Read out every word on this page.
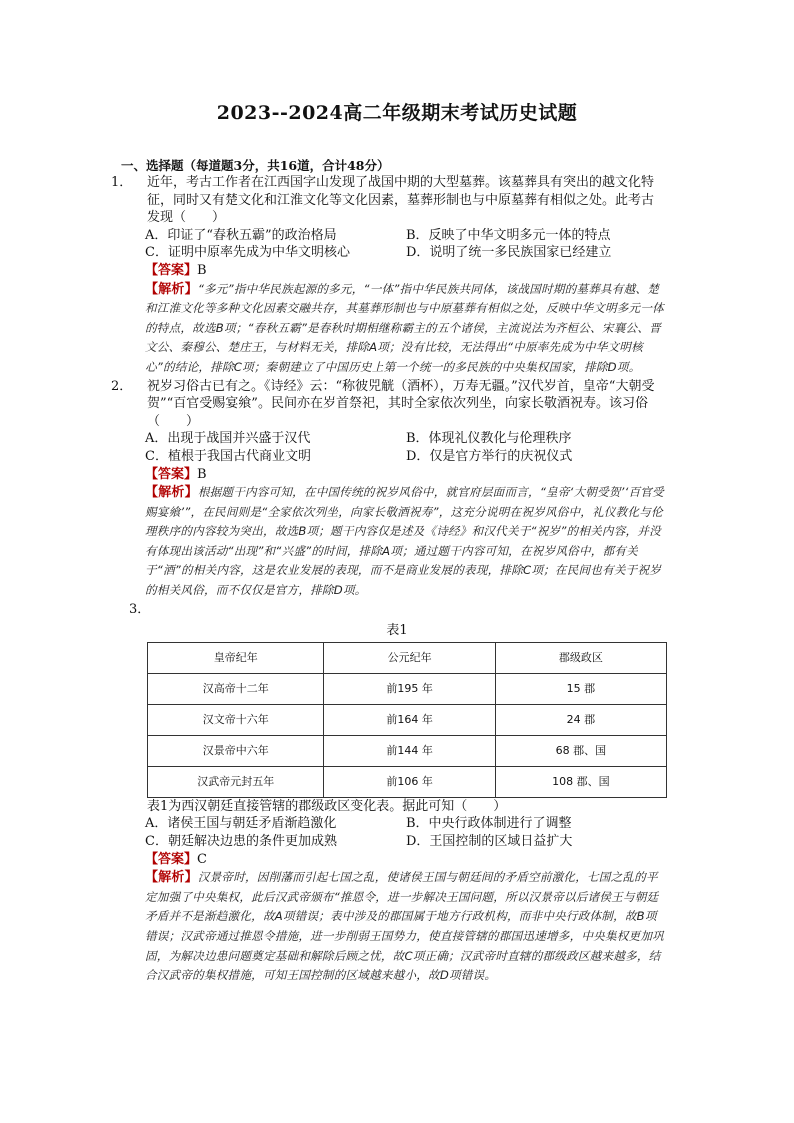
2023--2024高二年级期末考试历史试题
一、选择题（每道题3分，共16道，合计48分）

1． 近年，考古工作者在江西国字山发现了战国中期的大型墓葬。该墓葬具有突出的越文化特征，同时又有楚文化和江淮文化等文化因素，墓葬形制也与中原墓葬有相似之处。此考古发现（　　）

A．印证了“春秋五霸”的政治格局	B．反映了中华文明多元一体的特点
C．证明中原率先成为中华文明核心	D．说明了统一多民族国家已经建立
【答案】B
【解析】“多元”指中华民族起源的多元，“一体”指中华民族共同体，该战国时期的墓葬具有越、楚和江淮文化等多种文化因素交融共存，其墓葬形制也与中原墓葬有相似之处，反映中华文明多元一体的特点，故选B项；“春秋五霸”是春秋时期相继称霸主的五个诸侯，主流说法为齐桓公、宋襄公、晋文公、秦穆公、楚庄王，与材料无关，排除A项；没有比较，无法得出“中原率先成为中华文明核心”的结论，排除C项；秦朝建立了中国历史上第一个统一的多民族的中央集权国家，排除D项。

2． 祝岁习俗古已有之。《诗经》云：“称彼兕觥（酒杯），万寿无疆。”汉代岁首，皇帝“大朝受贺”“百官受赐宴飨”。民间亦在岁首祭祀，其时全家依次列坐，向家长敬酒祝寿。该习俗（　　）

A．出现于战国并兴盛于汉代	B．体现礼仪教化与伦理秩序
C．植根于我国古代商业文明	D．仅是官方举行的庆祝仪式
【答案】B
【解析】根据题干内容可知，在中国传统的祝岁风俗中，就官府层面而言，“皇帝‘大朝受贺’‘百官受赐宴飨’”，在民间则是“全家依次列坐，向家长敬酒祝寿”，这充分说明在祝岁风俗中，礼仪教化与伦理秩序的内容较为突出，故选B项；题干内容仅是述及《诗经》和汉代关于“祝岁”的相关内容，并没有体现出该活动“出现”和“兴盛”的时间，排除A项；通过题干内容可知，在祝岁风俗中，都有关于“酒”的相关内容，这是农业发展的表现，而不是商业发展的表现，排除C项；在民间也有关于祝岁的相关风俗，而不仅仅是官方，排除D项。
3．
表1
皇帝纪年	公元纪年	郡级政区
汉高帝十二年	前195 年	15 郡
汉文帝十六年	前164 年	24 郡
汉景帝中六年	前144 年	68 郡、国
汉武帝元封五年	前106 年	108 郡、国

表1为西汉朝廷直接管辖的郡级政区变化表。据此可知（　　）

A．诸侯王国与朝廷矛盾渐趋激化	B．中央行政体制进行了调整
C．朝廷解决边患的条件更加成熟	D．王国控制的区域日益扩大
【答案】C
【解析】汉景帝时，因削藩而引起七国之乱，使诸侯王国与朝廷间的矛盾空前激化，七国之乱的平定加强了中央集权，此后汉武帝颁布“推恩令，进一步解决王国问题，所以汉景帝以后诸侯王与朝廷矛盾并不是渐趋激化，故A项错误；表中涉及的郡国属于地方行政机构，而非中央行政体制，故B项错误；汉武帝通过推恩令措施，进一步削弱王国势力，使直接管辖的郡国迅速增多，中央集权更加巩固，为解决边患问题奠定基础和解除后顾之忧，故C项正确；汉武帝时直辖的郡级政区越来越多，结合汉武帝的集权措施，可知王国控制的区域越来越小，故D项错误。
